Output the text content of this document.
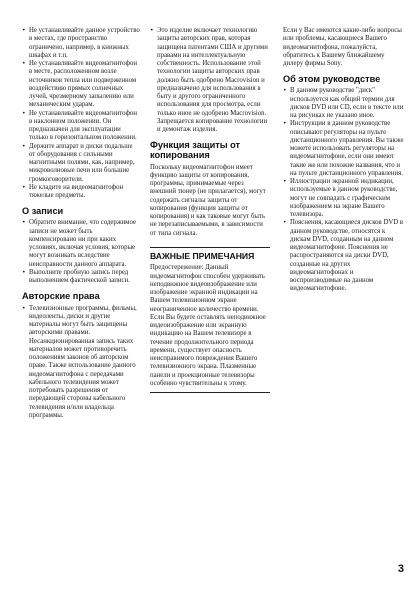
• Не устанавливайте данное устройство в местах, где пространство ограничено, например, в книжных шкафах и т.п.
• Не устанавливайте видеомагнитофон в месте, расположенном возле источников тепла или подверженном воздействию прямых солнечных лучей, чрезмерному запылению или механическим ударам.
• Не устанавливайте видеомагнитофон в наклонном положении. Он предназначен для эксплуатации только в горизонтальном положении.
• Держите аппарат и диски подальше от оборудования с сильными магнитными полями, как, например, микроволновые печи или большие громкоговорители.
• Не кладите на видеомагнитофон тяжелые предметы.
О записи
• Обратите внимание, что содержимое записи не может быть компенсировано ни при каких условиях, включая условия, которые могут возникать вследствие неисправности данного аппарата.
• Выполните пробную запись перед выполнением фактической записи.
Авторские права
• Телевизионные программы, фильмы, видеоленты, диски и другие материалы могут быть защищены авторскими правами. Несанкционированная запись таких материалов может противоречить положениям законов об авторском праве. Также использование данного видеомагнитофона с передачами кабельного телевидения может потребовать разрешения от передающей стороны кабельного телевидения и/или владельца программы.
• Это изделие включает технологию защиты авторских прав, которая защищена патентами США и другими правами на интеллектуальную собственность. Использование этой технологии защиты авторских прав должно быть одобрено Macrovision и предназначено для использования в быту и другого ограниченного использования для просмотра, если только иное не одобрено Macrovision. Запрещается копирование технологии и демонтаж изделия.
Функция защиты от копирования

Поскольку видеомагнитофон имеет функцию защиты от копирования, программы, принимаемые через внешний тюнер (не прилагается), могут содержать сигналы защиты от копирования (функция защиты от копирования) и как таковые могут быть не перезаписываемыми, в зависимости от типа сигнала.

ВАЖНЫЕ ПРИМЕЧАНИЯ

Предостережение: Данный видеомагнитофон способен удерживать неподвижное видеоизображение или изображение экранной индикации на Вашем телевизионном экране неограниченное количество времени. Если Вы будете оставлять неподвижное видеоизображение или экранную индикацию на Вашем телевизоре в течение продолжительного периода времени, существует опасность неисправимого повреждения Вашего телевизионного экрана. Плазменные панели и проекционные телевизоры особенно чувствительны к этому.

Если у Вас имеются какие-либо вопросы или проблемы, касающиеся Вашего видеомагнитофона, пожалуйста, обратитесь к Вашему ближайшему дилеру фирмы Sony.

Об этом руководстве
• В данном руководстве "диск" используется как общий термин для дисков DVD или CD, если в тексте или на рисунках не указано иное.
• Инструкции в данном руководстве описывают регуляторы на пульте дистанционного управления. Вы также можете использовать регуляторы на видеомагнитофоне, если они имеют такие же или похожие названия, что и на пульте дистанционного управления.
• Иллюстрации экранной индикации, используемые в данном руководстве, могут не совпадать с графическим изображением на экране Вашего телевизора.
• Пояснения, касающиеся дисков DVD в данном руководстве, относятся к дискам DVD, созданным на данном видеомагнитофоне. Пояснения не распространяются на диски DVD, созданные на других видеомагнитофонах и воспроизводимые на данном видеомагнитофоне.
3
